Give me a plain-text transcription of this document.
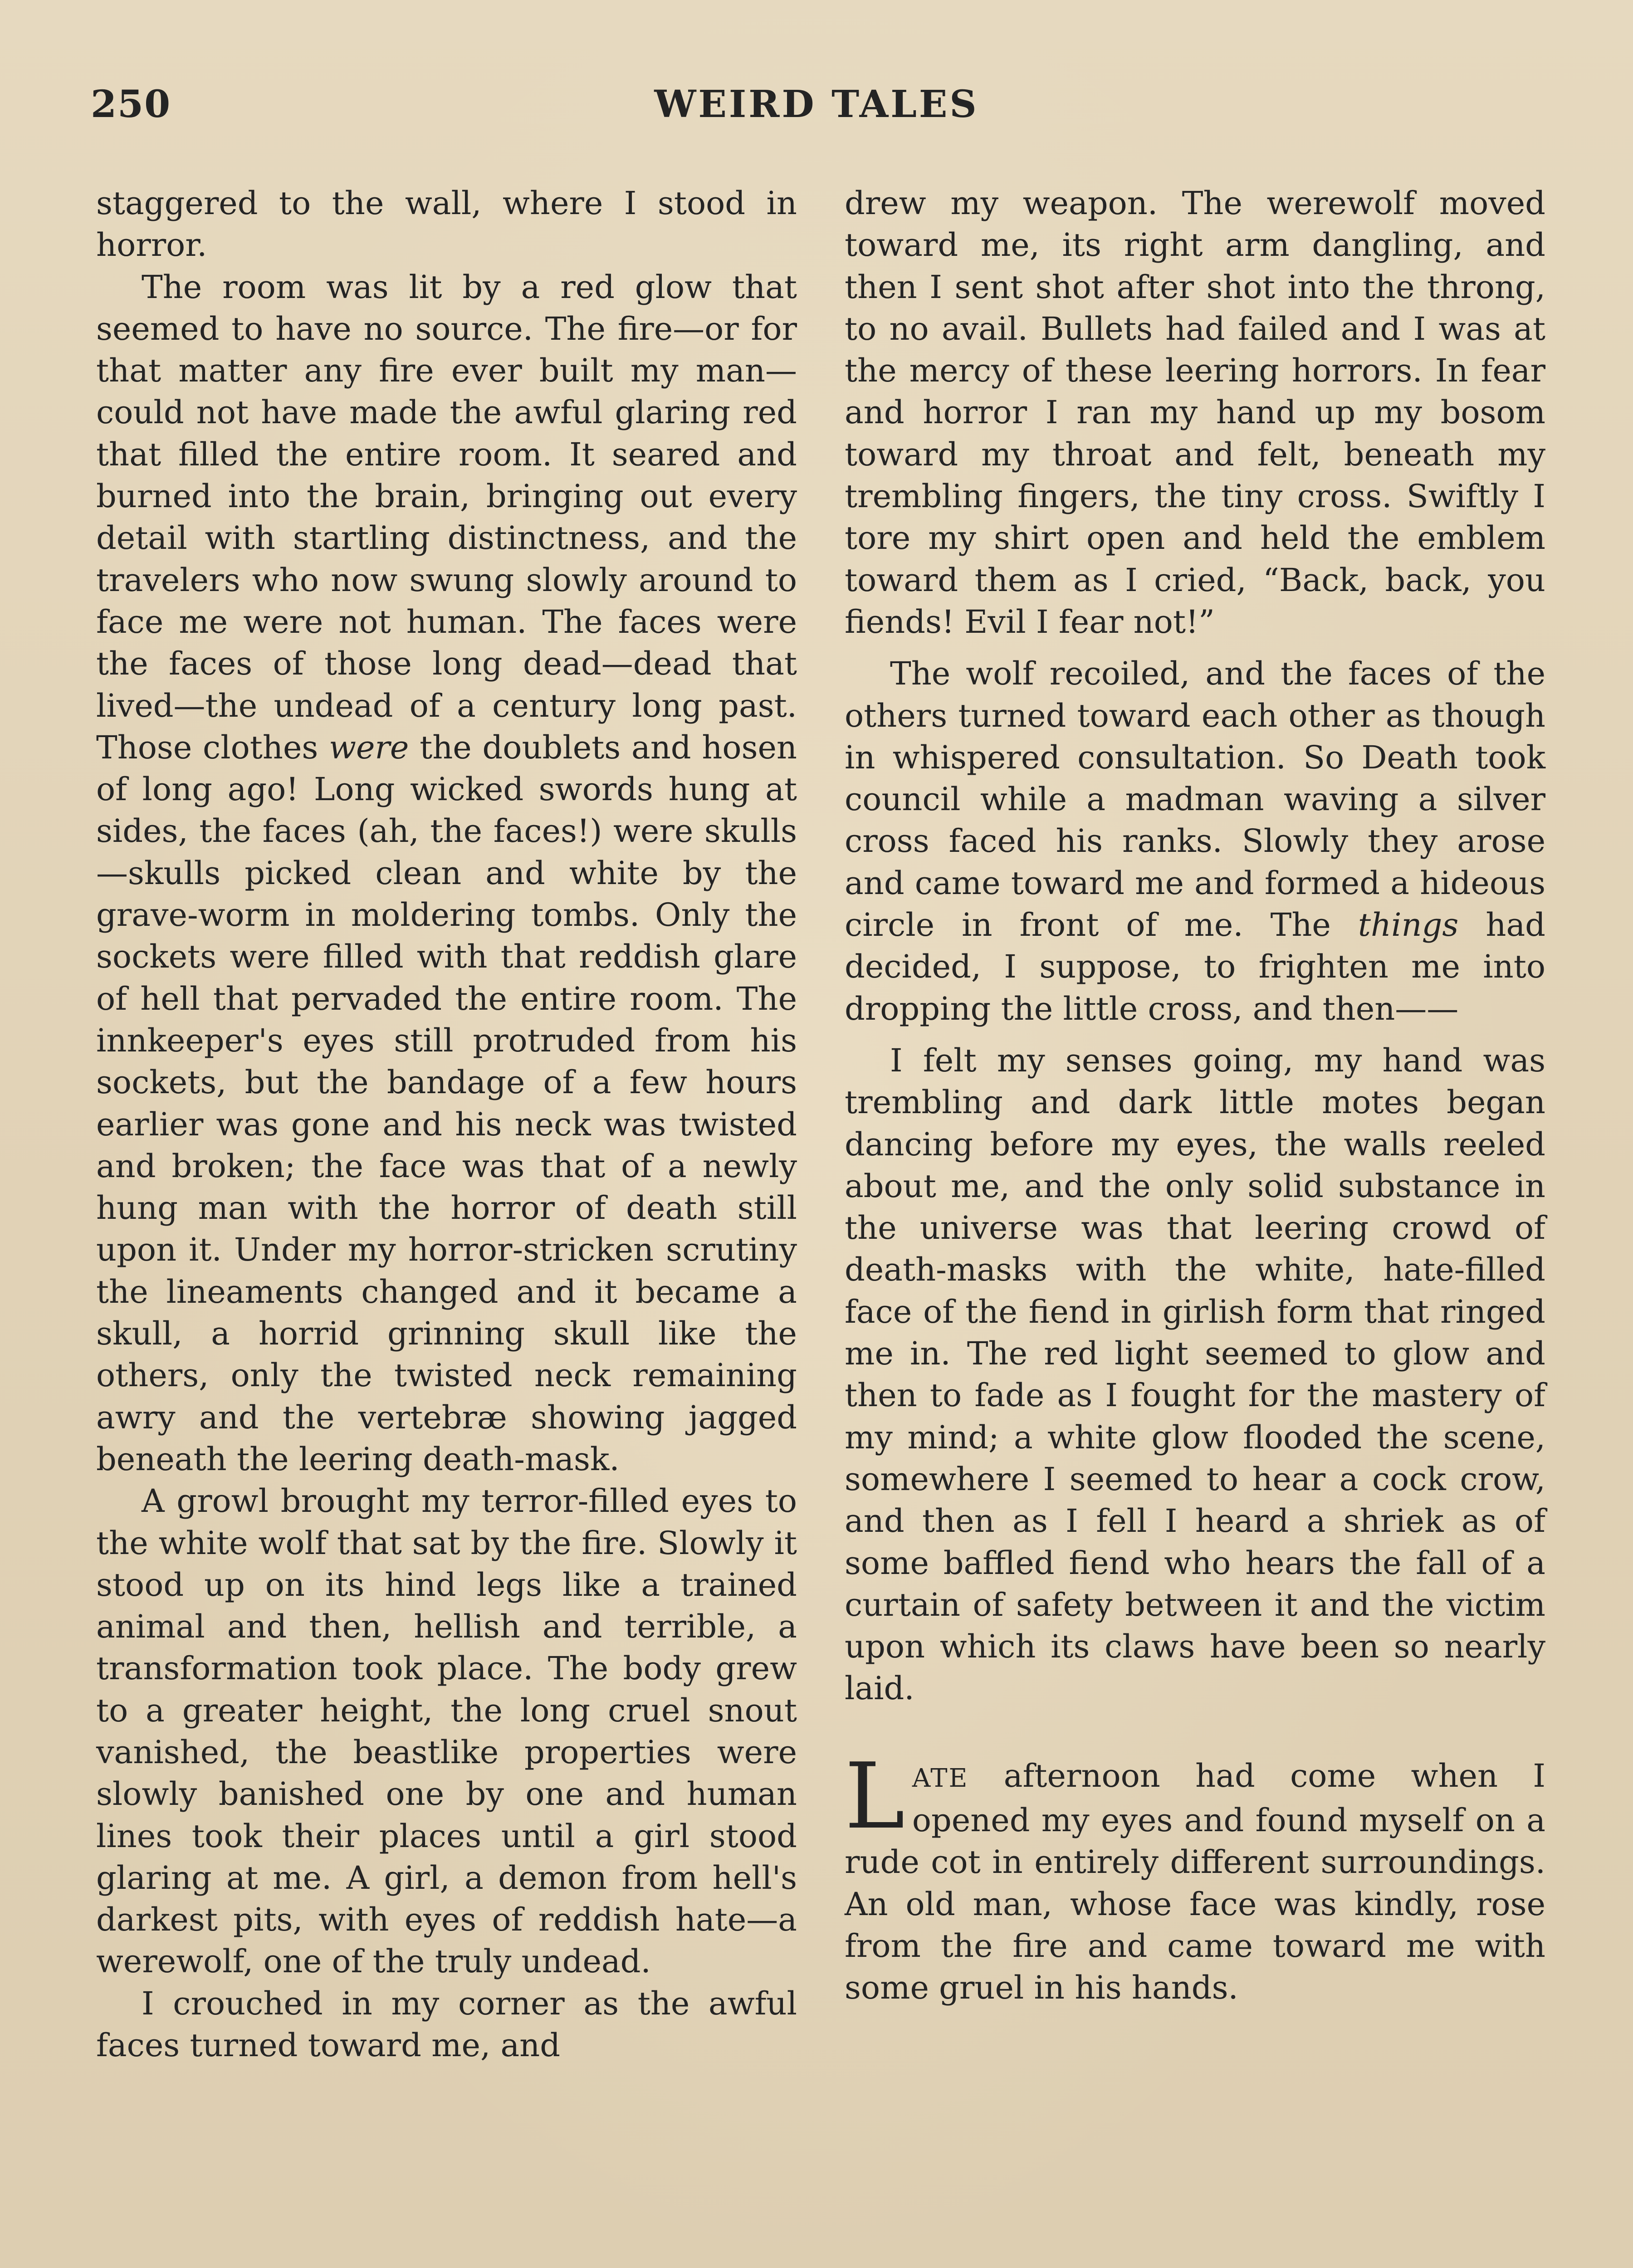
250	WEIRD TALES

staggered to the wall, where I stood in horror.

The room was lit by a red glow that seemed to have no source. The fire—or for that matter any fire ever built my man—could not have made the awful glaring red that filled the entire room. It seared and burned into the brain, bringing out every detail with startling distinctness, and the travelers who now swung slowly around to face me were not human. The faces were the faces of those long dead—dead that lived—the undead of a century long past. Those clothes were the doublets and hosen of long ago! Long wicked swords hung at sides, the faces (ah, the faces!) were skulls—skulls picked clean and white by the grave-worm in moldering tombs. Only the sockets were filled with that reddish glare of hell that pervaded the entire room. The innkeeper's eyes still protruded from his sockets, but the bandage of a few hours earlier was gone and his neck was twisted and broken; the face was that of a newly hung man with the horror of death still upon it. Under my horror-stricken scrutiny the lineaments changed and it became a skull, a horrid grinning skull like the others, only the twisted neck remaining awry and the vertebræ showing jagged beneath the leering death-mask.

A growl brought my terror-filled eyes to the white wolf that sat by the fire. Slowly it stood up on its hind legs like a trained animal and then, hellish and terrible, a transformation took place. The body grew to a greater height, the long cruel snout vanished, the beastlike properties were slowly banished one by one and human lines took their places until a girl stood glaring at me. A girl, a demon from hell's darkest pits, with eyes of reddish hate—a werewolf, one of the truly undead.

I crouched in my corner as the awful faces turned toward me, and

drew my weapon. The werewolf moved toward me, its right arm dangling, and then I sent shot after shot into the throng, to no avail. Bullets had failed and I was at the mercy of these leering horrors. In fear and horror I ran my hand up my bosom toward my throat and felt, beneath my trembling fingers, the tiny cross. Swiftly I tore my shirt open and held the emblem toward them as I cried, “Back, back, you fiends! Evil I fear not!”

The wolf recoiled, and the faces of the others turned toward each other as though in whispered consultation. So Death took council while a madman waving a silver cross faced his ranks. Slowly they arose and came toward me and formed a hideous circle in front of me. The things had decided, I suppose, to frighten me into dropping the little cross, and then——

I felt my senses going, my hand was trembling and dark little motes began dancing before my eyes, the walls reeled about me, and the only solid substance in the universe was that leering crowd of death-masks with the white, hate-filled face of the fiend in girlish form that ringed me in. The red light seemed to glow and then to fade as I fought for the mastery of my mind; a white glow flooded the scene, somewhere I seemed to hear a cock crow, and then as I fell I heard a shriek as of some baffled fiend who hears the fall of a curtain of safety between it and the victim upon which its claws have been so nearly laid.

LATE afternoon had come when I opened my eyes and found myself on a rude cot in entirely different surroundings. An old man, whose face was kindly, rose from the fire and came toward me with some gruel in his hands.
